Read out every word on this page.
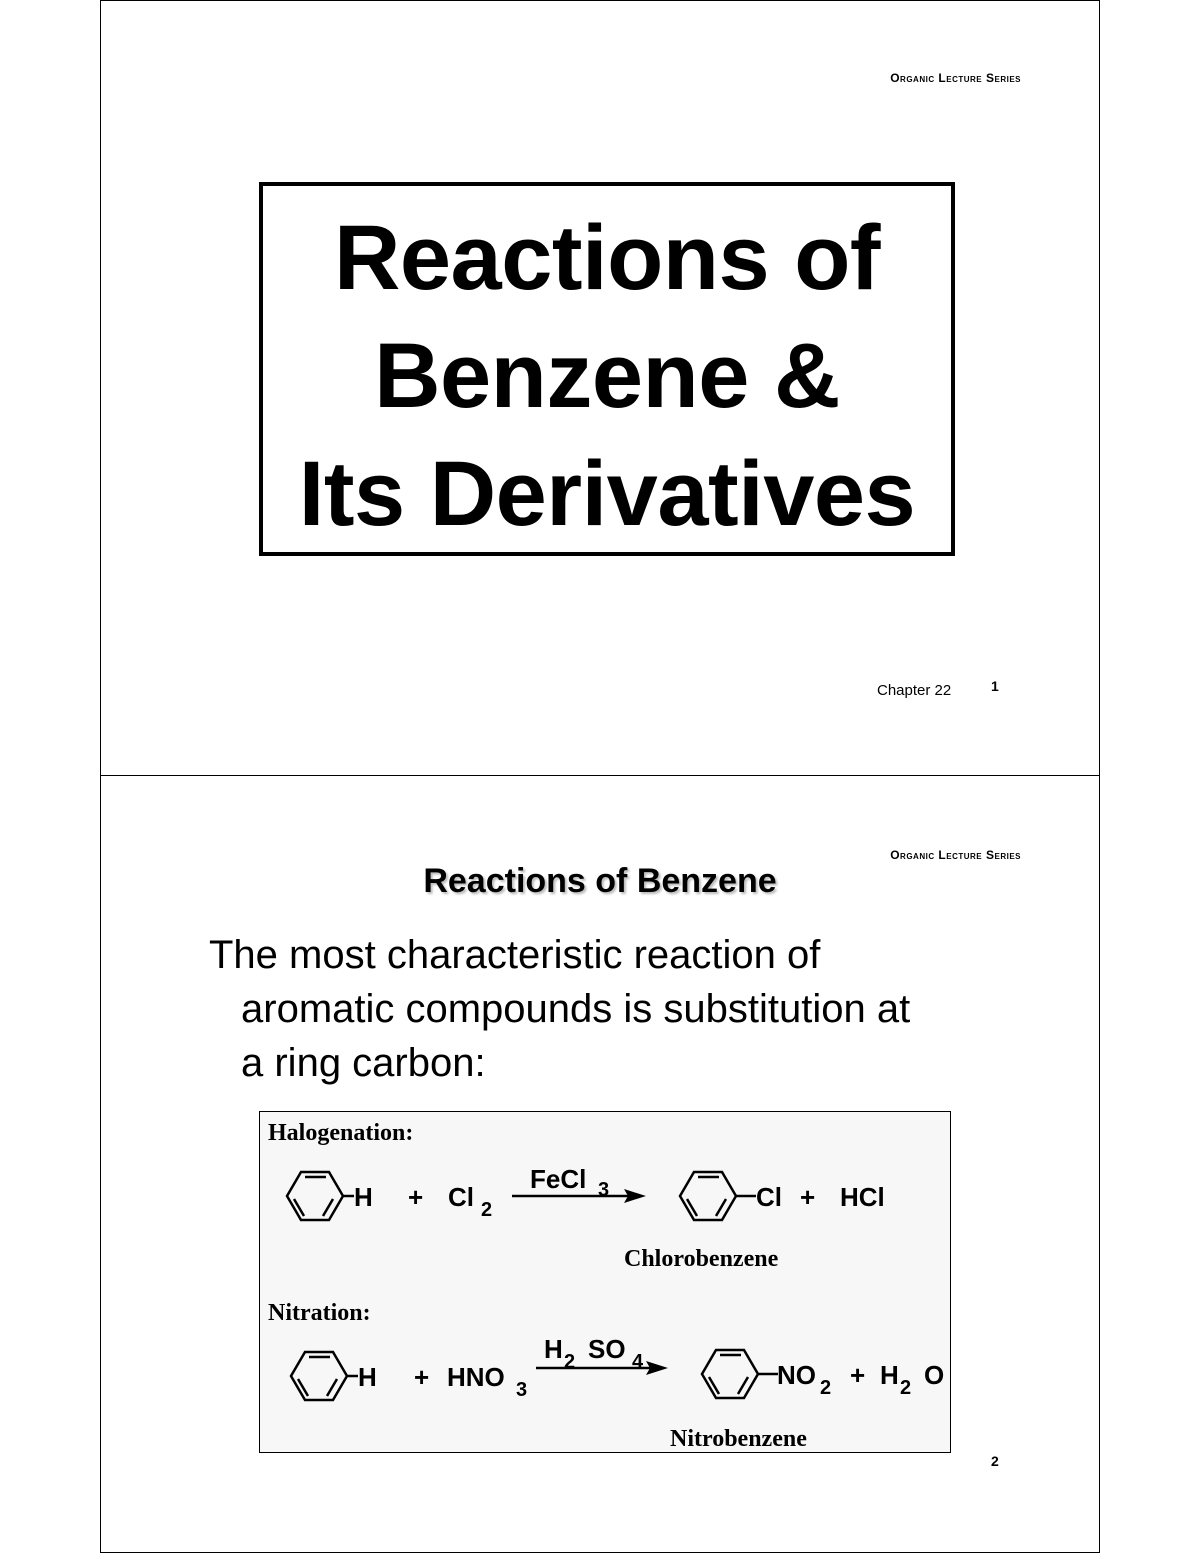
Organic Lecture Series
Reactions of
Benzene &
Its Derivatives
Chapter 22	1
Organic Lecture Series
Reactions of Benzene
The most characteristic reaction of
aromatic compounds is substitution at
a ring carbon:
Halogenation:
H + Cl 2
FeCl 3	Cl + HCl
Chlorobenzene
Nitration:
H + HNO 3
H 2 SO 4	NO 2 + H 2 O
Nitrobenzene
2
